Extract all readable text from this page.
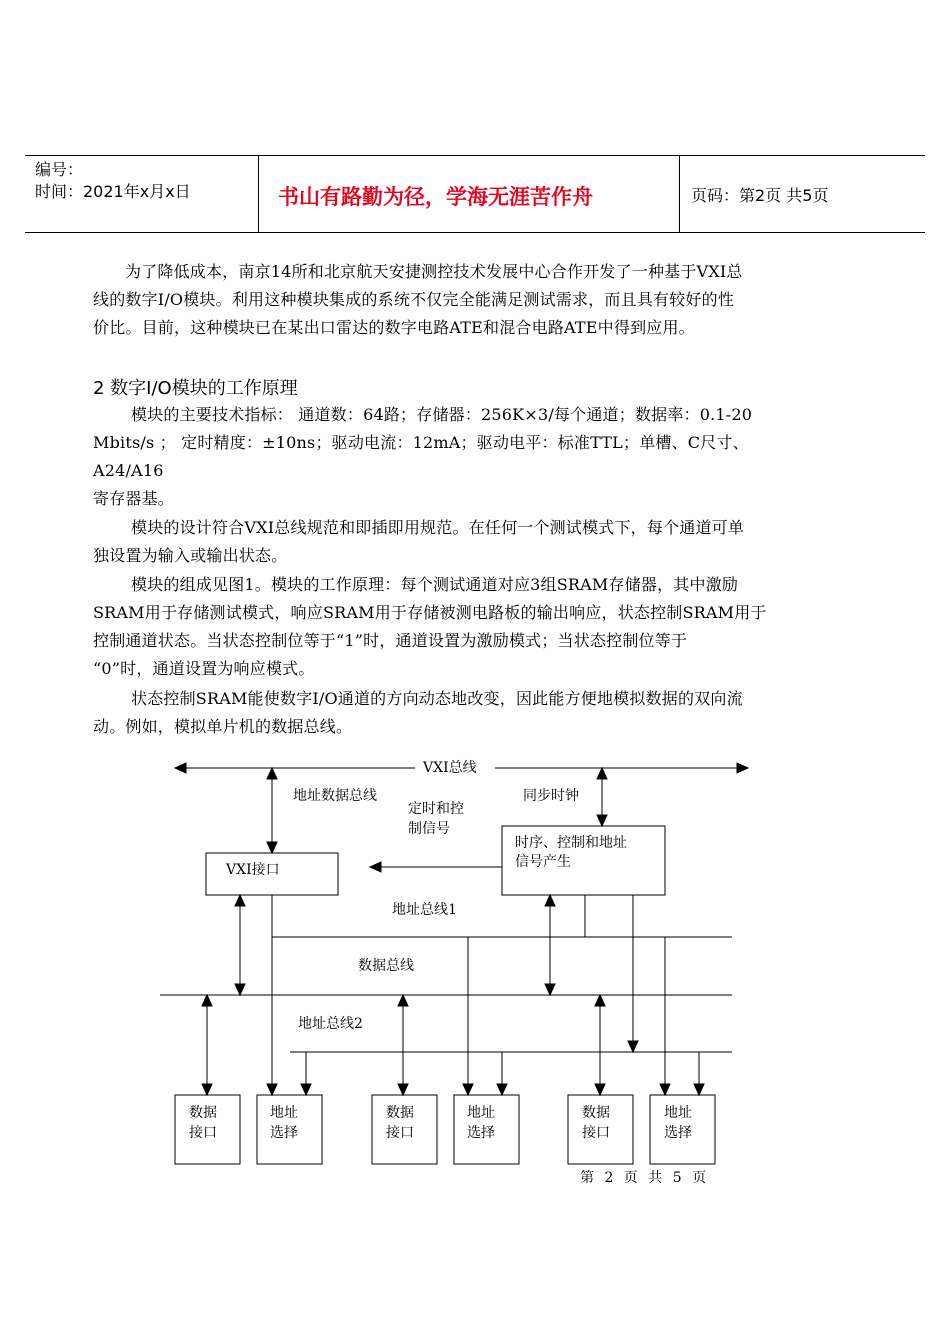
编号：
时间：2021年x月x日	书山有路勤为径，学海无涯苦作舟	页码：第2页 共5页
为了降低成本，南京14所和北京航天安捷测控技术发展中心合作开发了一种基于VXI总
线的数字I/O模块。利用这种模块集成的系统不仅完全能满足测试需求，而且具有较好的性
价比。目前，这种模块已在某出口雷达的数字电路ATE和混合电路ATE中得到应用。
2 数字I/O模块的工作原理
模块的主要技术指标： 通道数：64路；存储器：256K×3/每个通道；数据率：0.1-20
Mbits/s ； 定时精度：±10ns；驱动电流：12mA；驱动电平：标准TTL；单槽、C尺寸、
A24/A16
寄存器基。
模块的设计符合VXI总线规范和即插即用规范。在任何一个测试模式下，每个通道可单
独设置为输入或输出状态。
模块的组成见图1。模块的工作原理：每个测试通道对应3组SRAM存储器，其中激励
SRAM用于存储测试模式，响应SRAM用于存储被测电路板的输出响应，状态控制SRAM用于
控制通道状态。当状态控制位等于“1”时，通道设置为激励模式；当状态控制位等于
“0”时，通道设置为响应模式。
状态控制SRAM能使数字I/O通道的方向动态地改变，因此能方便地模拟数据的双向流
动。例如，模拟单片机的数据总线。
VXI总线
地址数据总线
定时和控
制信号
同步时钟
时序、控制和地址
信号产生
VXI接口
地址总线1
数据总线
地址总线2
数据
接口
地址
选择
数据
接口
地址
选择
数据
接口
地址
选择
第 2 页 共 5 页
